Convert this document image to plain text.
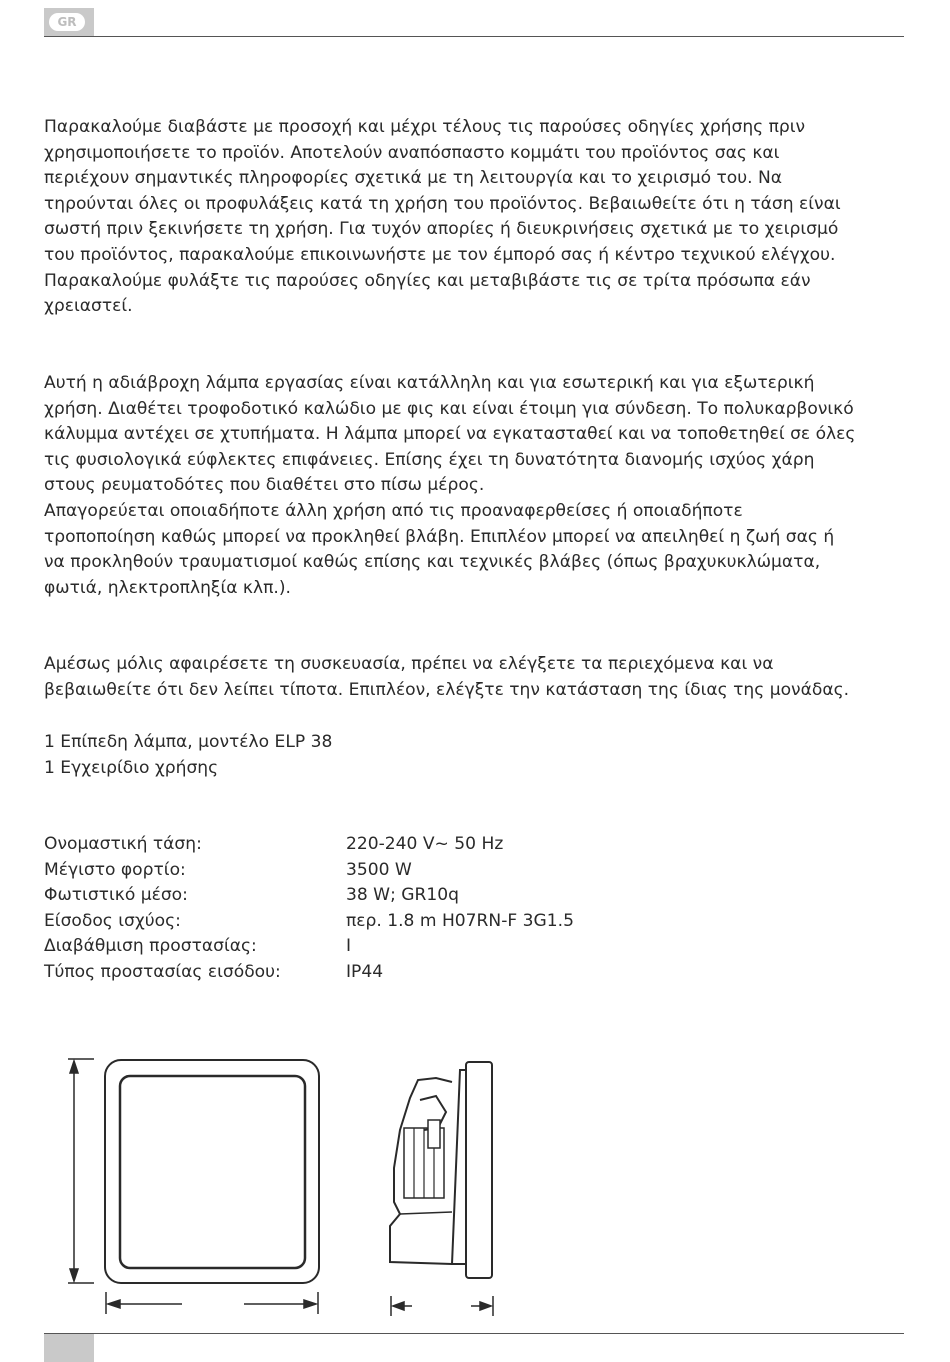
GR
Παρακαλούμε διαβάστε με προσοχή και μέχρι τέλους τις παρούσες οδηγίες χρήσης πριν
χρησιμοποιήσετε το προϊόν. Αποτελούν αναπόσπαστο κομμάτι του προϊόντος σας και
περιέχουν σημαντικές πληροφορίες σχετικά με τη λειτουργία και το χειρισμό του. Να
τηρούνται όλες οι προφυλάξεις κατά τη χρήση του προϊόντος. Βεβαιωθείτε ότι η τάση είναι
σωστή πριν ξεκινήσετε τη χρήση. Για τυχόν απορίες ή διευκρινήσεις σχετικά με το χειρισμό
του προϊόντος, παρακαλούμε επικοινωνήστε με τον έμπορό σας ή κέντρο τεχνικού ελέγχου.
Παρακαλούμε φυλάξτε τις παρούσες οδηγίες και μεταβιβάστε τις σε τρίτα πρόσωπα εάν
χρειαστεί.
Αυτή η αδιάβροχη λάμπα εργασίας είναι κατάλληλη και για εσωτερική και για εξωτερική
χρήση. Διαθέτει τροφοδοτικό καλώδιο με φις και είναι έτοιμη για σύνδεση. Το πολυκαρβονικό
κάλυμμα αντέχει σε χτυπήματα. Η λάμπα μπορεί να εγκατασταθεί και να τοποθετηθεί σε όλες
τις φυσιολογικά εύφλεκτες επιφάνειες. Επίσης έχει τη δυνατότητα διανομής ισχύος χάρη
στους ρευματοδότες που διαθέτει στο πίσω μέρος.
Απαγορεύεται οποιαδήποτε άλλη χρήση από τις προαναφερθείσες ή οποιαδήποτε
τροποποίηση καθώς μπορεί να προκληθεί βλάβη. Επιπλέον μπορεί να απειληθεί η ζωή σας ή
να προκληθούν τραυματισμοί καθώς επίσης και τεχνικές βλάβες (όπως βραχυκυκλώματα,
φωτιά, ηλεκτροπληξία κλπ.).
Αμέσως μόλις αφαιρέσετε τη συσκευασία, πρέπει να ελέγξετε τα περιεχόμενα και να
βεβαιωθείτε ότι δεν λείπει τίποτα. Επιπλέον, ελέγξτε την κατάσταση της ίδιας της μονάδας.
1 Επίπεδη λάμπα, μοντέλο ELP 38
1 Εγχειρίδιο χρήσης
Ονομαστική τάση:	220-240 V~ 50 Hz
Μέγιστο φορτίο:	3500 W
Φωτιστικό μέσο:	38 W; GR10q
Είσοδος ισχύος:	περ. 1.8 m H07RN-F 3G1.5
Διαβάθμιση προστασίας:	I
Τύπος προστασίας εισόδου:	IP44
